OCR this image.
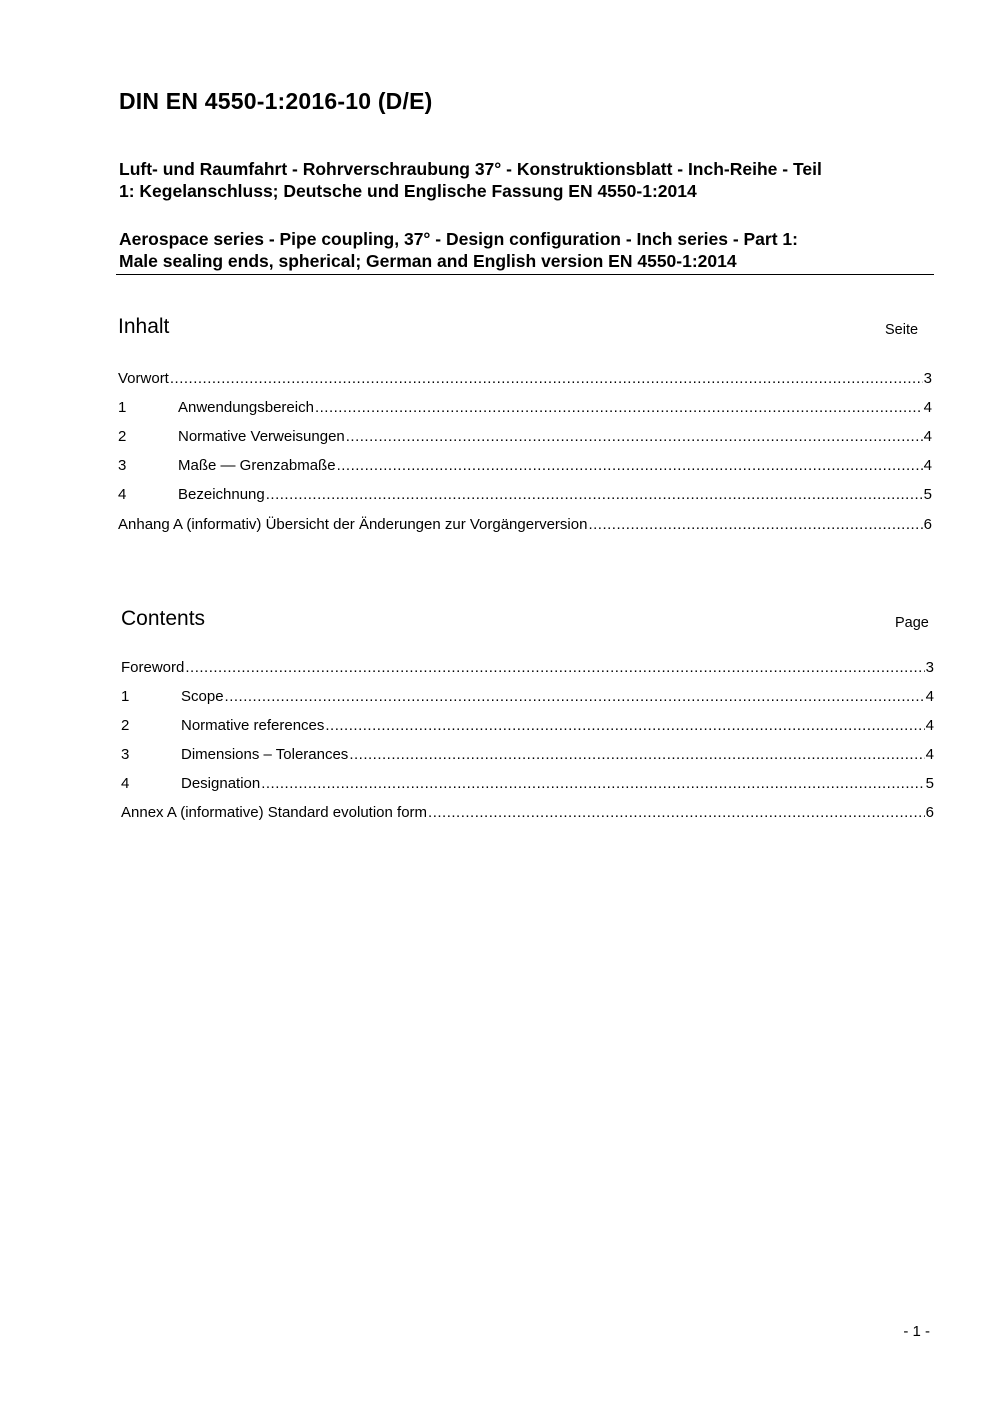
DIN EN 4550-1:2016-10 (D/E)
Luft- und Raumfahrt - Rohrverschraubung 37° - Konstruktionsblatt - Inch-Reihe - Teil
1: Kegelanschluss; Deutsche und Englische Fassung EN 4550-1:2014
Aerospace series - Pipe coupling, 37° - Design configuration - Inch series - Part 1:
Male sealing ends, spherical; German and English version EN 4550-1:2014
Inhalt	Seite
Vorwort .....	3
1	Anwendungsbereich .....	4
2	Normative Verweisungen .....	4
3	Maße — Grenzabmaße .....	4
4	Bezeichnung .....	5
Anhang A (informativ) Übersicht der Änderungen zur Vorgängerversion .....	6
Contents	Page
Foreword .....	3
1	Scope .....	4
2	Normative references .....	4
3	Dimensions – Tolerances .....	4
4	Designation .....	5
Annex A (informative) Standard evolution form .....	6
- 1 -
